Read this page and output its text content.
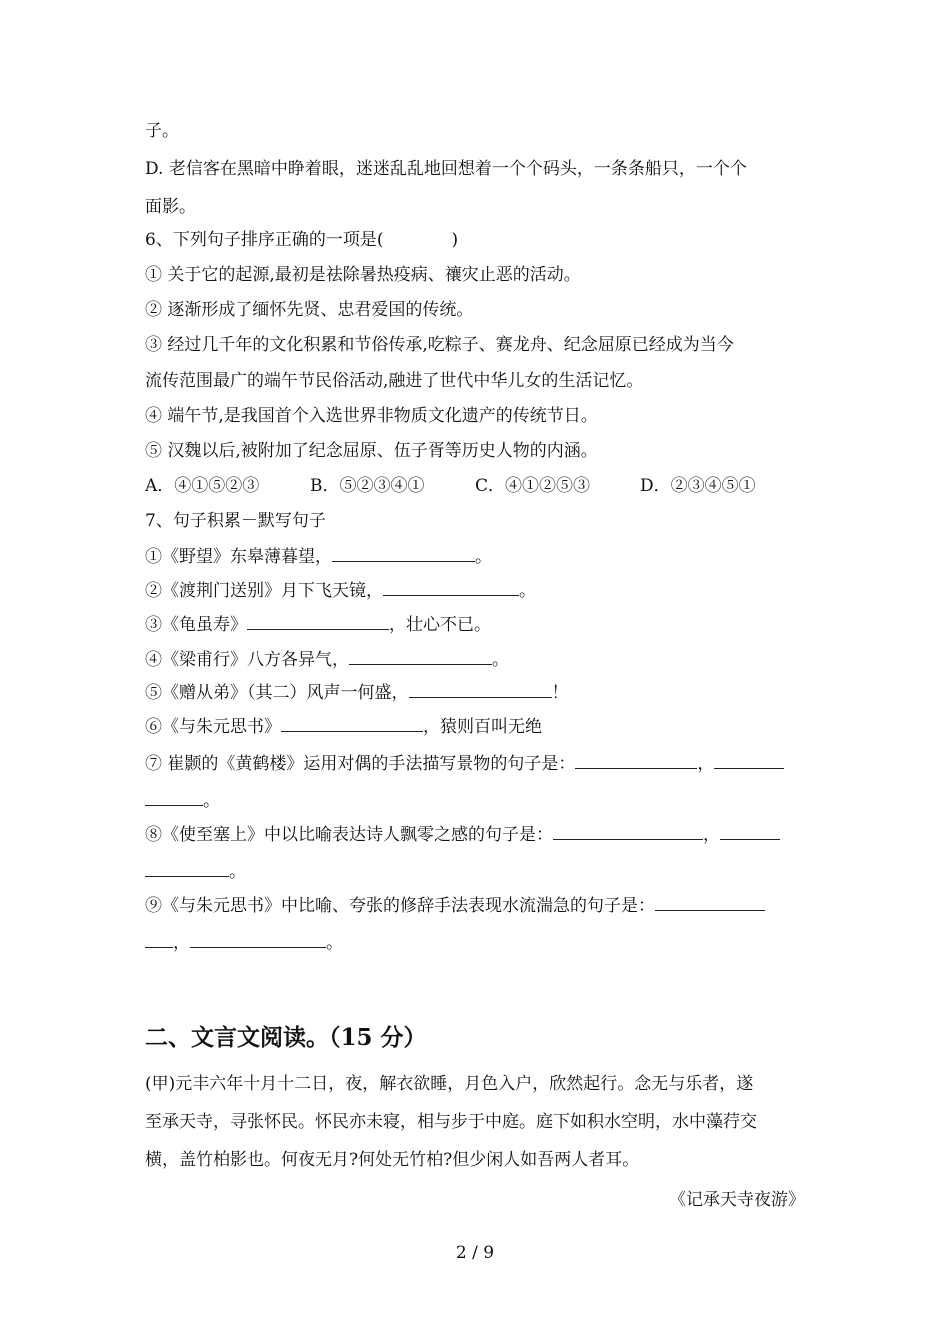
子。
D. 老信客在黑暗中睁着眼，迷迷乱乱地回想着一个个码头，一条条船只，一个个
面影。
6、下列句子排序正确的一项是(　　　　)
① 关于它的起源,最初是祛除暑热疫病、禳灾止恶的活动。
② 逐渐形成了缅怀先贤、忠君爱国的传统。
③ 经过几千年的文化积累和节俗传承,吃粽子、赛龙舟、纪念屈原已经成为当今
流传范围最广的端午节民俗活动,融进了世代中华儿女的生活记忆。
④ 端午节,是我国首个入选世界非物质文化遗产的传统节日。
⑤ 汉魏以后,被附加了纪念屈原、伍子胥等历史人物的内涵。
A．④①⑤②③	B．⑤②③④①	C．④①②⑤③	D．②③④⑤①
7、句子积累－默写句子
①《野望》东皋薄暮望，	。
②《渡荆门送别》月下飞天镜，	。
③《龟虽寿》	，壮心不已。
④《梁甫行》八方各异气，	。
⑤《赠从弟》（其二）风声一何盛，	！
⑥《与朱元思书》	，猿则百叫无绝
⑦ 崔颢的《黄鹤楼》运用对偶的手法描写景物的句子是：	，
。
⑧《使至塞上》中以比喻表达诗人飘零之感的句子是：	，
。
⑨《与朱元思书》中比喻、夸张的修辞手法表现水流湍急的句子是：
，	。
二、文言文阅读。（15 分）
(甲)元丰六年十月十二日，夜，解衣欲睡，月色入户，欣然起行。念无与乐者，遂
至承天寺，寻张怀民。怀民亦未寝，相与步于中庭。庭下如积水空明，水中藻荇交
横，盖竹柏影也。何夜无月?何处无竹柏?但少闲人如吾两人者耳。
《记承天寺夜游》
2 / 9
